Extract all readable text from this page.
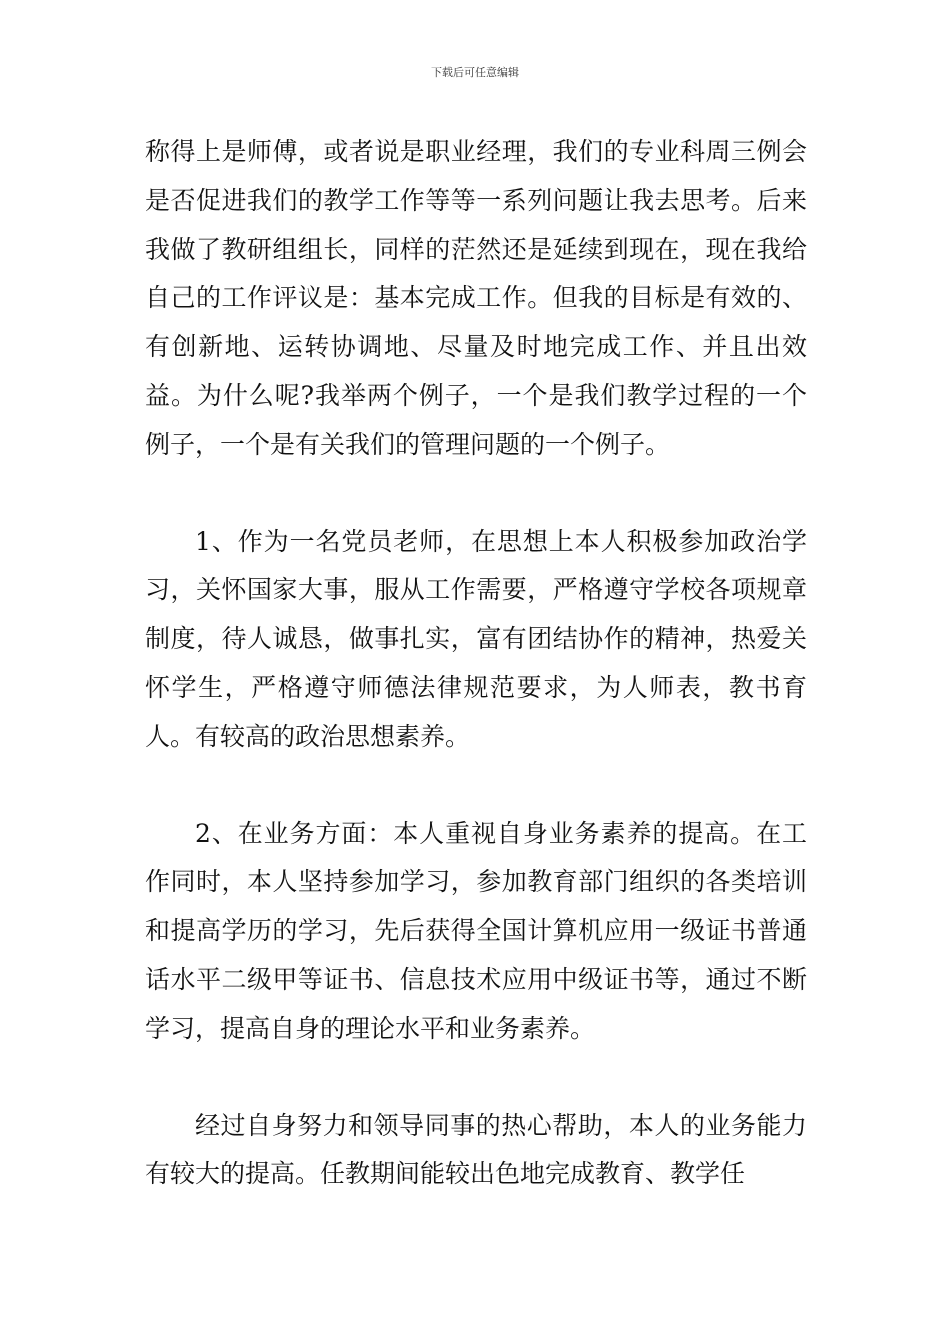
下载后可任意编辑

称得上是师傅，或者说是职业经理，我们的专业科周三例会是否促进我们的教学工作等等一系列问题让我去思考。后来我做了教研组组长，同样的茫然还是延续到现在，现在我给自己的工作评议是：基本完成工作。但我的目标是有效的、有创新地、运转协调地、尽量及时地完成工作、并且出效益。为什么呢?我举两个例子，一个是我们教学过程的一个例子，一个是有关我们的管理问题的一个例子。

1、作为一名党员老师，在思想上本人积极参加政治学习，关怀国家大事，服从工作需要，严格遵守学校各项规章制度，待人诚恳，做事扎实，富有团结协作的精神，热爱关怀学生，严格遵守师德法律规范要求，为人师表，教书育人。有较高的政治思想素养。

2、在业务方面：本人重视自身业务素养的提高。在工作同时，本人坚持参加学习，参加教育部门组织的各类培训和提高学历的学习，先后获得全国计算机应用一级证书普通话水平二级甲等证书、信息技术应用中级证书等，通过不断学习，提高自身的理论水平和业务素养。

经过自身努力和领导同事的热心帮助，本人的业务能力有较大的提高。任教期间能较出色地完成教育、教学任
